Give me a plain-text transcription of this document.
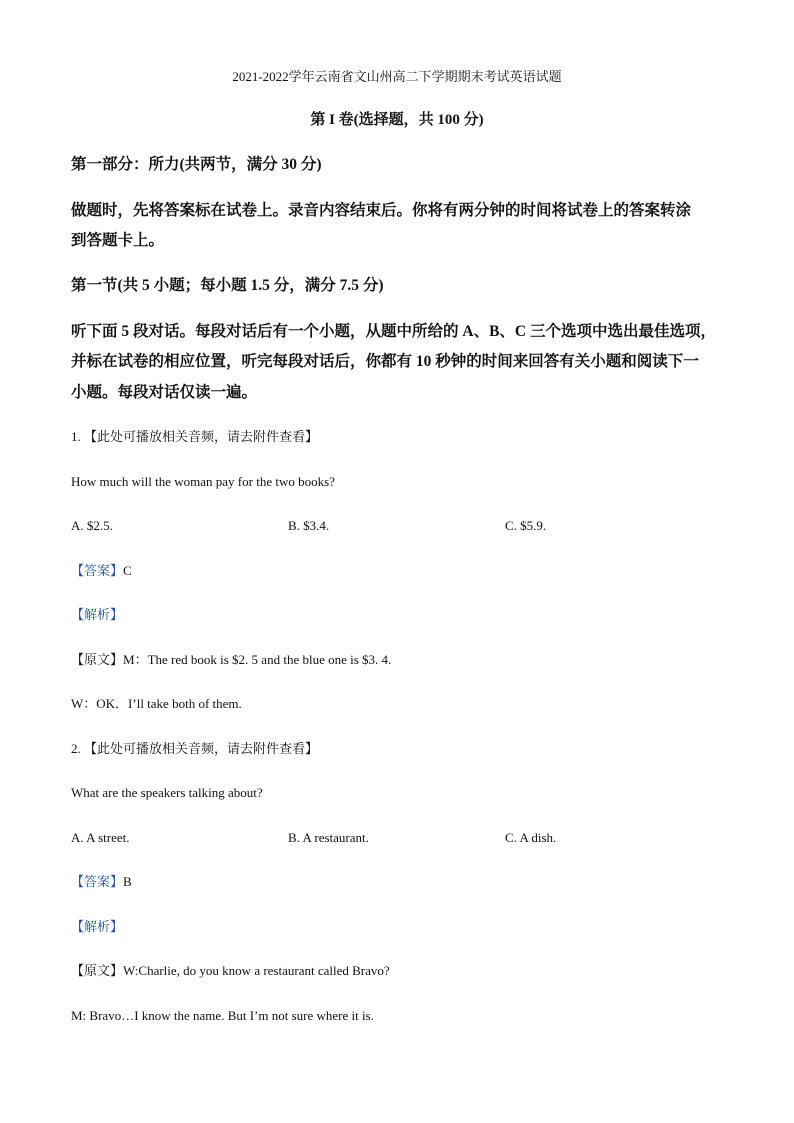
2021-2022学年云南省文山州高二下学期期末考试英语试题
第 I 卷(选择题，共 100 分)
第一部分：所力(共两节，满分 30 分)
做题时，先将答案标在试卷上。录音内容结束后。你将有两分钟的时间将试卷上的答案转涂
到答题卡上。
第一节(共 5 小题；每小题 1.5 分，满分 7.5 分)
听下面 5 段对话。每段对话后有一个小题，从题中所给的 A、B、C 三个选项中选出最佳选项，
并标在试卷的相应位置，听完每段对话后，你都有 10 秒钟的时间来回答有关小题和阅读下一
小题。每段对话仅读一遍。
1. 【此处可播放相关音频，请去附件查看】
How much will the woman pay for the two books?
A. $2.5.	B. $3.4.	C. $5.9.
【答案】C
【解析】
【原文】M：The red book is $2. 5 and the blue one is $3. 4.
W：OK．I’ll take both of them.
2. 【此处可播放相关音频，请去附件查看】
What are the speakers talking about?
A. A street.	B. A restaurant.	C. A dish.
【答案】B
【解析】
【原文】W:Charlie, do you know a restaurant called Bravo?
M: Bravo…I know the name. But I’m not sure where it is.
